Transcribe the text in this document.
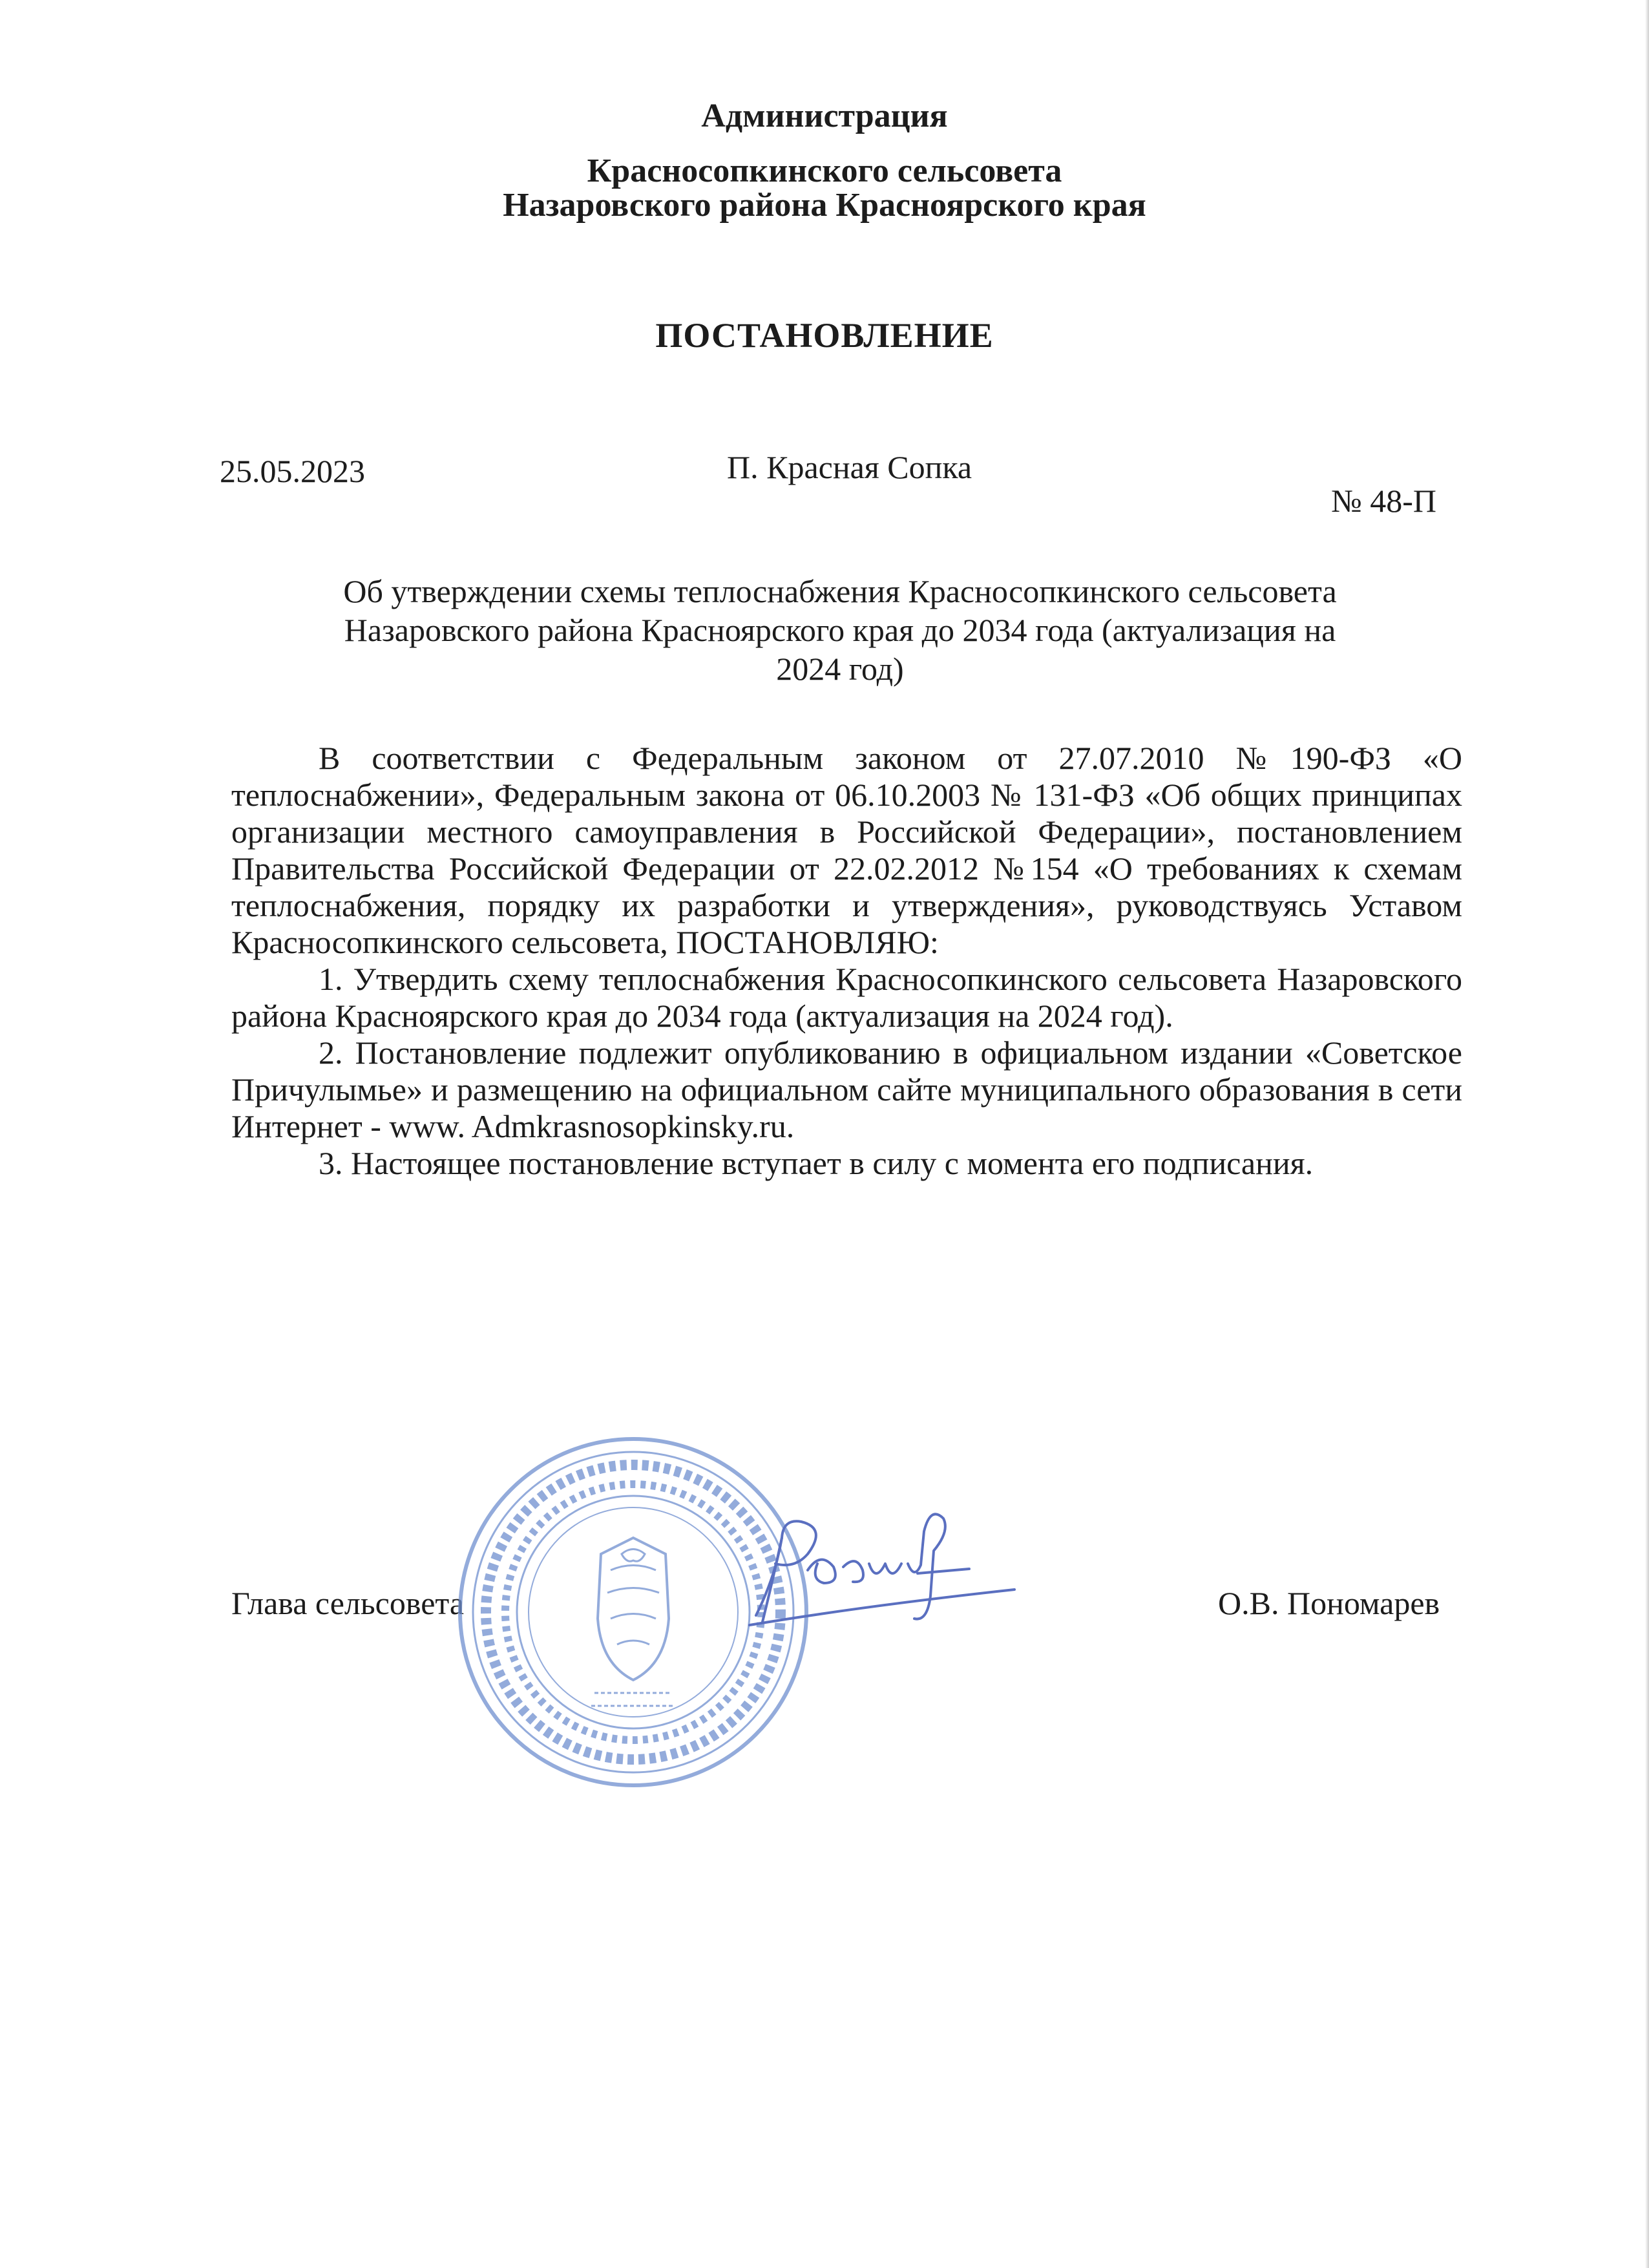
Администрация
Красносопкинского сельсовета
Назаровского района Красноярского края
ПОСТАНОВЛЕНИЕ
25.05.2023	П. Красная Сопка
№ 48-П
Об утверждении схемы теплоснабжения Красносопкинского сельсовета
Назаровского района Красноярского края до 2034 года (актуализация на
2024 год)

В соответствии с Федеральным законом от 27.07.2010 №190-ФЗ «О теплоснабжении», Федеральным закона от 06.10.2003 № 131-ФЗ «Об общих принципах организации местного самоуправления в Российской Федерации», постановлением Правительства Российской Федерации от 22.02.2012 №154 «О требованиях к схемам теплоснабжения, порядку их разработки и утверждения», руководствуясь Уставом Красносопкинского сельсовета, ПОСТАНОВЛЯЮ:

1. Утвердить схему теплоснабжения Красносопкинского сельсовета Назаровского района Красноярского края до 2034 года (актуализация на 2024 год).

2. Постановление подлежит опубликованию в официальном издании «Советское Причулымье» и размещению на официальном сайте муниципального образования в сети Интернет - www. Admkrasnosopkinsky.ru.

3. Настоящее постановление вступает в силу с момента его подписания.

Глава сельсовета	О.В. Пономарев
